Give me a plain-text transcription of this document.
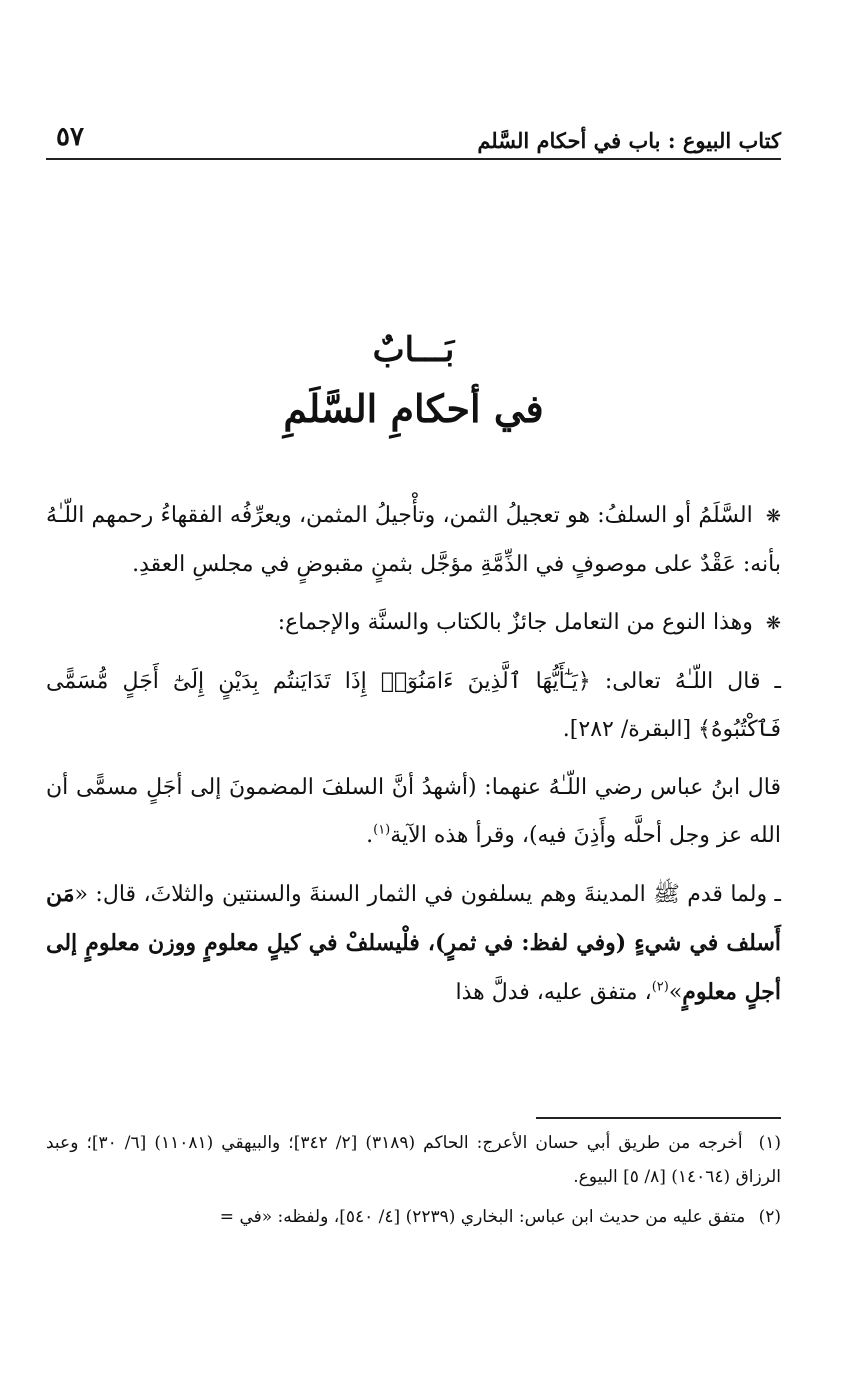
كتاب البيوع : باب في أحكام السَّلم
٥٧
بَـــابٌ
في أحكامِ السَّلَمِ

❋ السَّلَمُ أو السلفُ: هو تعجيلُ الثمن، وتأْجيلُ المثمن، ويعرِّفُه الفقهاءُ رحمهم اللّـٰهُ بأنه: عَقْدٌ على موصوفٍ في الذِّمَّةِ مؤجَّل بثمنٍ مقبوضٍ في مجلسِ العقدِ.

❋ وهذا النوع من التعامل جائزٌ بالكتاب والسنَّة والإجماع:

ـ قال اللّـٰهُ تعالى: ﴿يَـٰٓأَيُّهَا ٱلَّذِينَ ءَامَنُوٓا۟ إِذَا تَدَايَنتُم بِدَيْنٍ إِلَىٰٓ أَجَلٍ مُّسَمًّى فَٱكْتُبُوهُ﴾ [البقرة/ ٢٨٢].

قال ابنُ عباس رضي اللّـٰهُ عنهما: (أشهدُ أنَّ السلفَ المضمونَ إلى أجَلٍ مسمًّى أن الله عز وجل أحلَّه وأَذِنَ فيه)، وقرأ هذه الآية$^{(١)}$.

ـ ولما قدم ﷺ المدينةَ وهم يسلفون في الثمار السنةَ والسنتين والثلاثَ، قال: «مَن أَسلف في شيءٍ (وفي لفظ: في ثمرٍ)، فلْيسلفْ في كيلٍ معلومٍ ووزن معلومٍ إلى أجلٍ معلومٍ»$^{(٢)}$، متفق عليه، فدلَّ هذا

(١) أخرجه من طريق أبي حسان الأعرج: الحاكم (٣١٨٩) [٢/ ٣٤٢]؛ والبيهقي (١١٠٨١) [٦/ ٣٠]؛ وعبد الرزاق (١٤٠٦٤) [٨/ ٥] البيوع.

(٢) متفق عليه من حديث ابن عباس: البخاري (٢٢٣٩) [٤/ ٥٤٠]، ولفظه: «في =
